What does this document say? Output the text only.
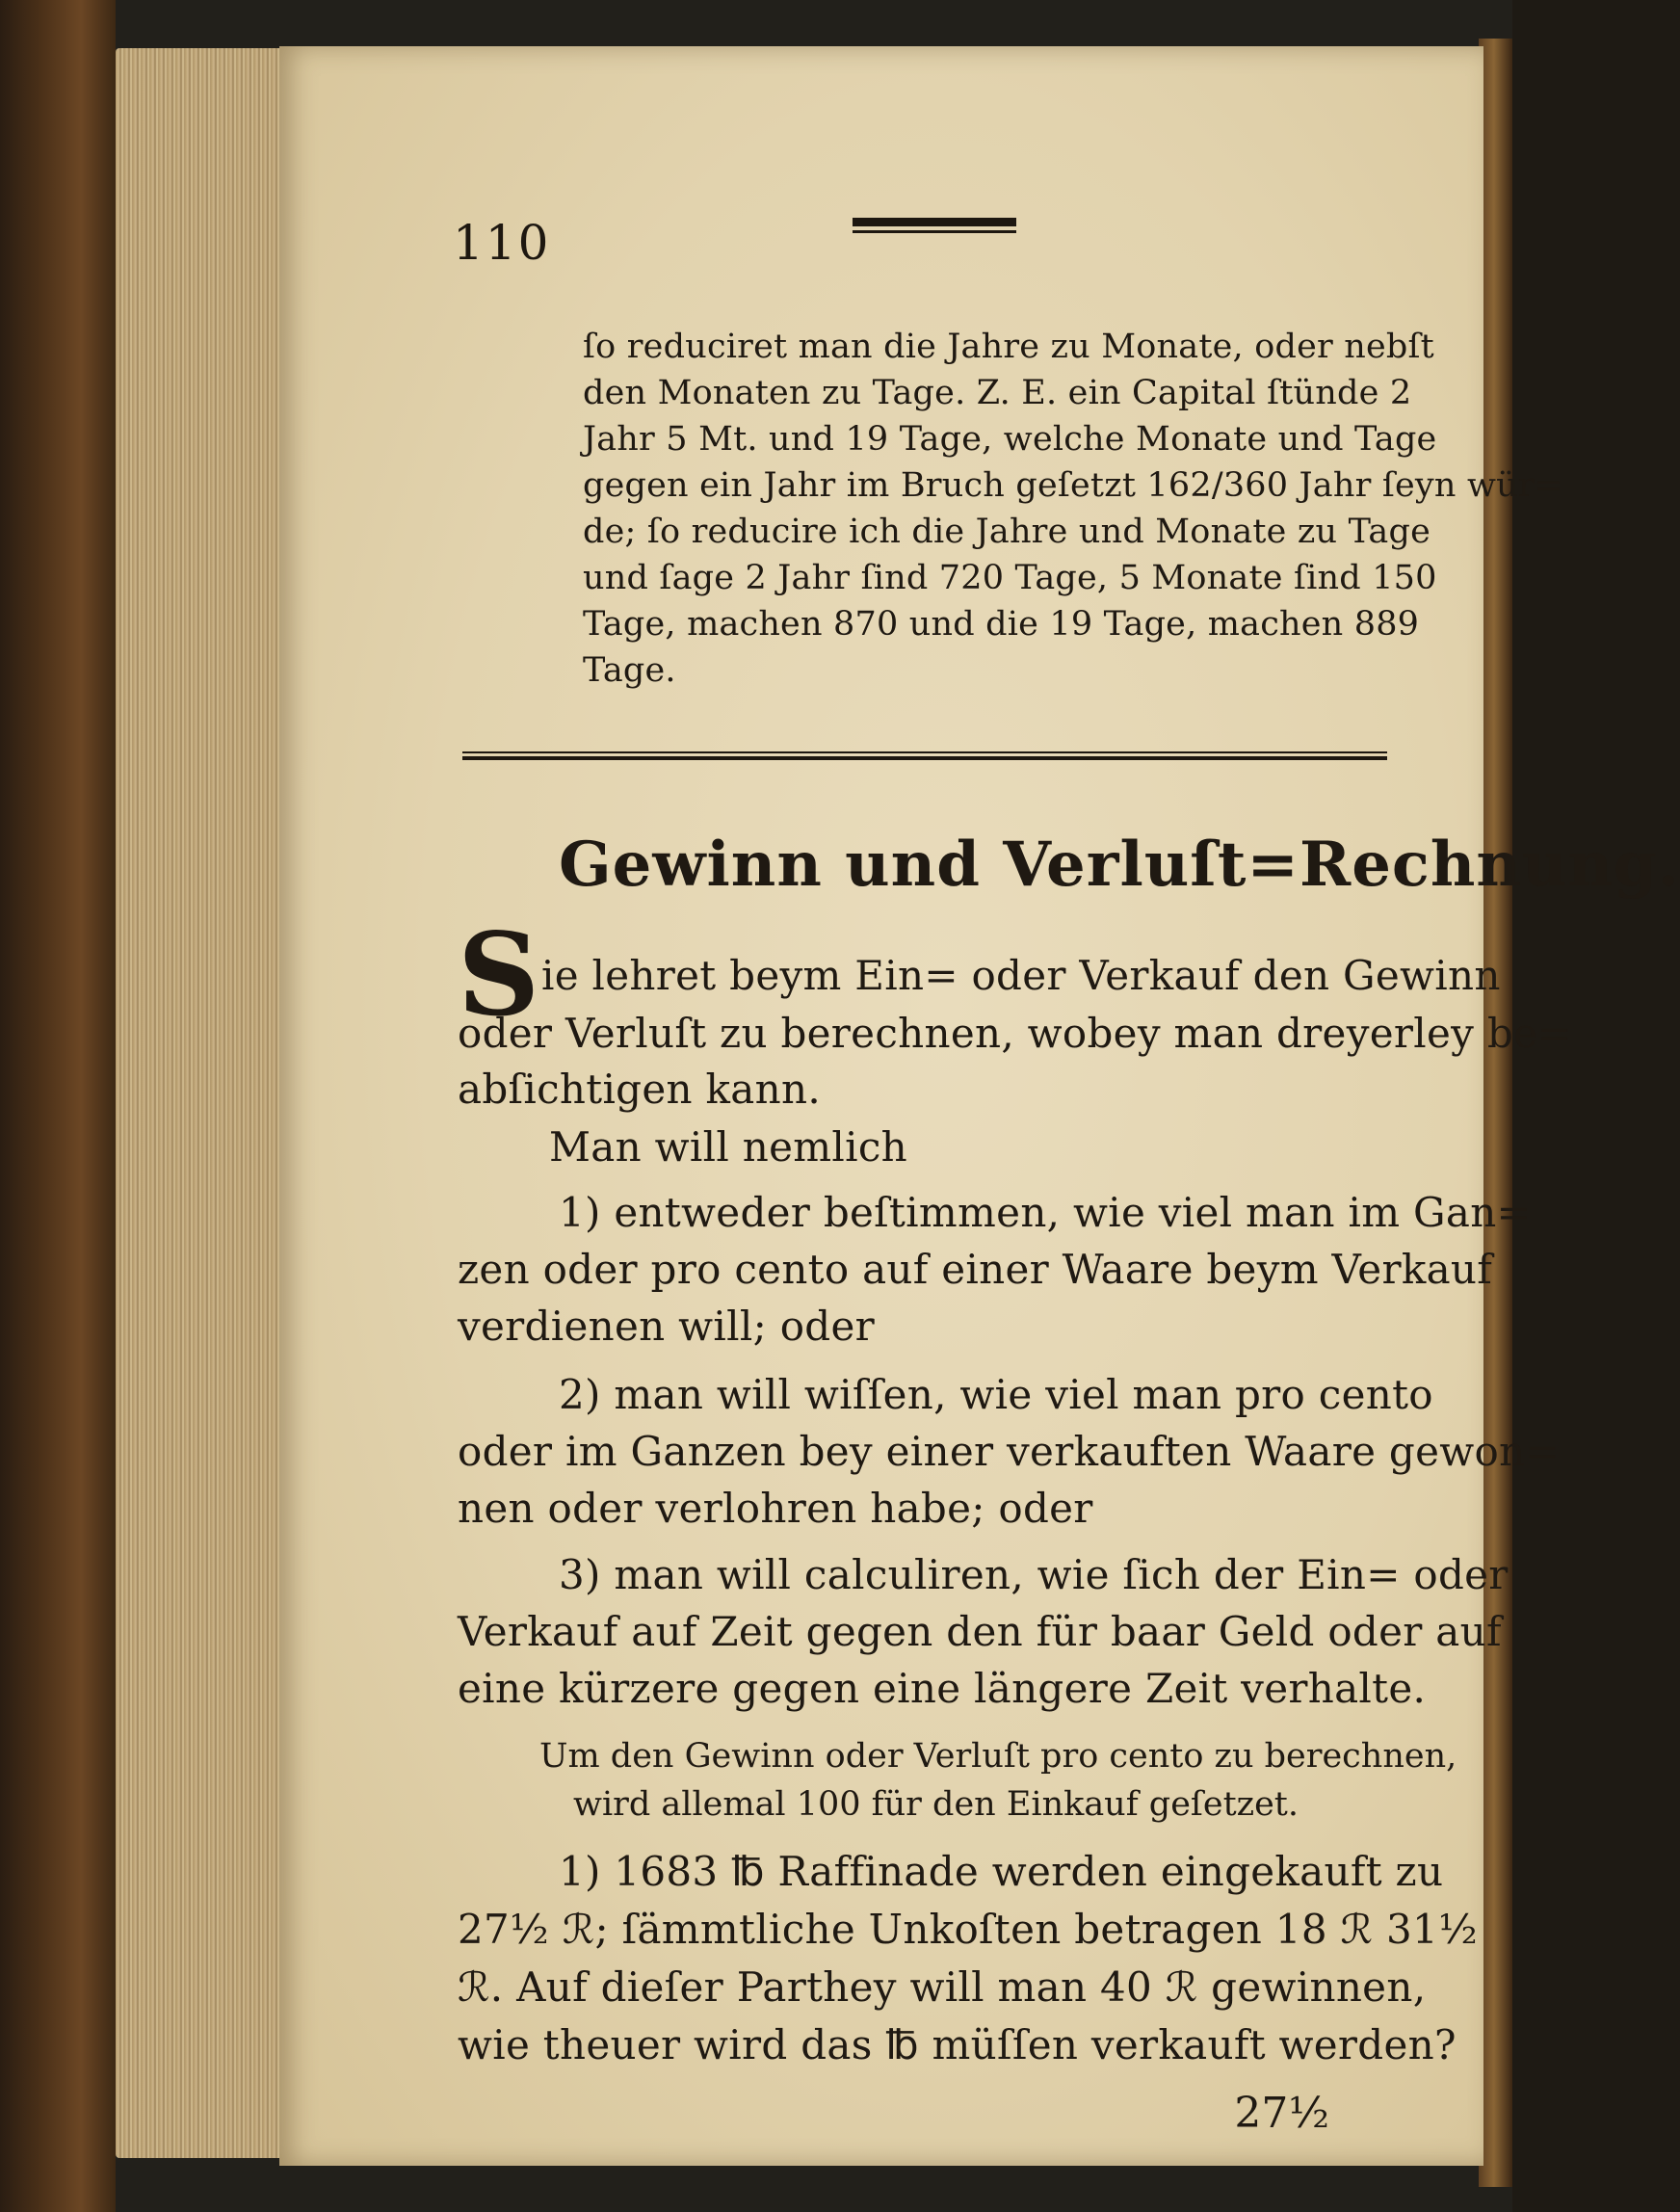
110
ſo reduciret man die Jahre zu Monate, oder nebſt
den Monaten zu Tage. Z. E. ein Capital ſtünde 2
Jahr 5 Mt. und 19 Tage, welche Monate und Tage
gegen ein Jahr im Bruch geſetzt 162/360 Jahr ſeyn wür=
de; ſo reducire ich die Jahre und Monate zu Tage
und ſage 2 Jahr ſind 720 Tage, 5 Monate ſind 150
Tage, machen 870 und die 19 Tage, machen 889
Tage.
Gewinn und Verluſt=Rechnung.
S ie lehret beym Ein= oder Verkauf den Gewinn
oder Verluſt zu berechnen, wobey man dreyerley be=
abſichtigen kann.
Man will nemlich
1) entweder beſtimmen, wie viel man im Gan=
zen oder pro cento auf einer Waare beym Verkauf
verdienen will; oder
2) man will wiſſen, wie viel man pro cento
oder im Ganzen bey einer verkauften Waare gewon=
nen oder verlohren habe; oder
3) man will calculiren, wie ſich der Ein= oder
Verkauf auf Zeit gegen den für baar Geld oder auf
eine kürzere gegen eine längere Zeit verhalte.
Um den Gewinn oder Verluſt pro cento zu berechnen,
wird allemal 100 für den Einkauf geſetzet.
1) 1683 ℔ Raffinade werden eingekauft zu
27½ ℛ; ſämmtliche Unkoſten betragen 18 ℛ 31½
ℛ. Auf dieſer Parthey will man 40 ℛ gewinnen,
wie theuer wird das ℔ müſſen verkauft werden?
27½
